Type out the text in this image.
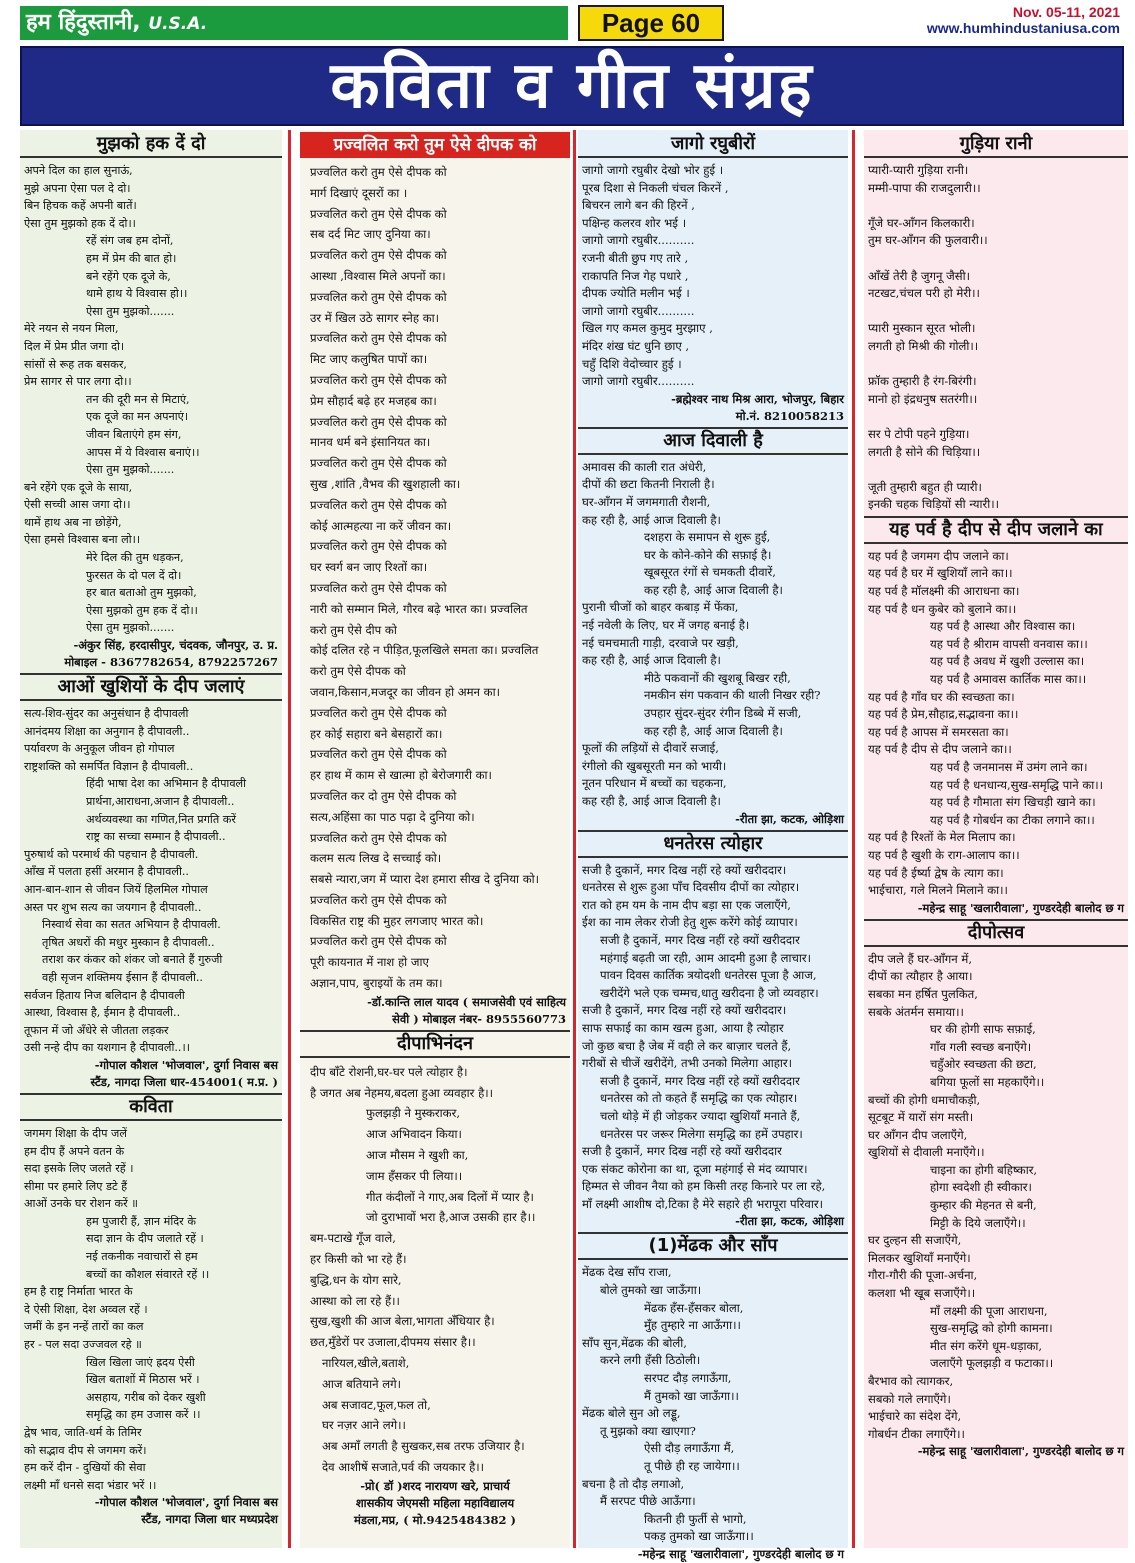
हम हिंदुस्तानी, U.S.A.	Page 60	Nov. 05-11, 2021
www.humhindustaniusa.com
कविता व गीत संग्रह
मुझको हक दें दो
अपने दिल का हाल सुनाऊं,
मुझे अपना ऐसा पल दे दो।
बिन हिचक कहें अपनी बातें।
ऐसा तुम मुझको हक दें दो।।
रहें संग जब हम दोनों,
हम में प्रेम की बात हो।
बने रहेंगे एक दूजे के,
थामे हाथ ये विश्वास हो।।
ऐसा तुम मुझको.......
मेरे नयन से नयन मिला,
दिल में प्रेम प्रीत जगा दो।
सांसों से रूह तक बसकर,
प्रेम सागर से पार लगा दो।।
तन की दूरी मन से मिटाएं,
एक दूजे का मन अपनाएं।
जीवन बिताएंगे हम संग,
आपस में ये विश्वास बनाएं।।
ऐसा तुम मुझको.......
बने रहेंगे एक दूजे के साया,
ऐसी सच्ची आस जगा दो।।
थामें हाथ अब ना छोड़ेंगे,
ऐसा हमसे विश्वास बना लो।।
मेरे दिल की तुम धड़कन,
फुरसत के दो पल दें दो।
हर बात बताओ तुम मुझको,
ऐसा मुझको तुम हक दें दो।।
ऐसा तुम मुझको.......
-अंकुर सिंह, हरदासीपुर, चंदवक, जौनपुर, उ. प्र.
मोबाइल - 8367782654, 8792257267
आओं खुशियों के दीप जलाएं
सत्य-शिव-सुंदर का अनुसंधान है दीपावली
आनंदमय शिक्षा का अनुगान है दीपावली..
पर्यावरण के अनुकूल जीवन हो गोपाल
राष्ट्रशक्ति को समर्पित विज्ञान है दीपावली..
हिंदी भाषा देश का अभिमान है दीपावली
प्रार्थना,आराधना,अजान है दीपावली..
अर्थव्यवस्था का गणित,नित प्रगति करें
राष्ट्र का सच्चा सम्मान है दीपावली..
पुरुषार्थ को परमार्थ की पहचान है दीपावली.
आँख में पलता हसीं अरमान है दीपावली..
आन-बान-शान से जीवन जियें हिलमिल गोपाल
अस्त पर शुभ सत्य का जयगान है दीपावली..
निस्वार्थ सेवा का सतत अभियान है दीपावली.
तृषित अधरों की मधुर मुस्कान है दीपावली..
तराश कर कंकर को शंकर जो बनाते हैं गुरुजी
वही सृजन शक्तिमय ईसान हैं दीपावली..
सर्वजन हिताय निज बलिदान है दीपावली
आस्था, विश्वास है, ईमान है दीपावली..
तूफान में जो अँधेरे से जीतता लड़कर
उसी नन्हे दीप का यशगान है दीपावली..।।
-गोपाल कौशल 'भोजवाल', दुर्गा निवास बस
स्टैंड, नागदा जिला धार-454001( म.प्र. )
कविता
जगमग शिक्षा के दीप जलें
हम दीप हैं अपने वतन के
सदा इसके लिए जलते रहें ।
सीमा पर हमारे लिए डटे हैं
आओं उनके घर रोशन करें ॥
हम पुजारी हैं, ज्ञान मंदिर के
सदा ज्ञान के दीप जलाते रहें ।
नई तकनीक नवाचारों से हम
बच्चों का कौशल संवारते रहें ।।
हम है राष्ट्र निर्माता भारत के
दे ऐसी शिक्षा, देश अव्वल रहें ।
जमीं के इन नन्हें तारों का कल
हर - पल सदा उज्जवल रहे ॥
खिल खिला जाएं ह्रदय ऐसी
खिल बताशों में मिठास भरें ।
असहाय, गरीब को देकर खुशी
समृद्धि का हम उजास करें ।।
द्वेष भाव, जाति-धर्म के तिमिर
को सद्भाव दीप से जगमग करें।
हम करें दीन - दुखियों की सेवा
लक्ष्मी माँ धनसे सदा भंडार भरें ।।
-गोपाल कौशल 'भोजवाल', दुर्गा निवास बस
स्टैंड, नागदा जिला धार मध्यप्रदेश
प्रज्वलित करो तुम ऐसे दीपक को
प्रज्वलित करो तुम ऐसे दीपक को
मार्ग दिखाएं दूसरों का ।
प्रज्वलित करो तुम ऐसे दीपक को
सब दर्द मिट जाए दुनिया का।
प्रज्वलित करो तुम ऐसे दीपक को
आस्था ,विश्वास मिले अपनों का।
प्रज्वलित करो तुम ऐसे दीपक को
उर में खिल उठे सागर स्नेह का।
प्रज्वलित करो तुम ऐसे दीपक को
मिट जाए कलुषित पापों का।
प्रज्वलित करो तुम ऐसे दीपक को
प्रेम सौहार्द बढ़े हर मजहब का।
प्रज्वलित करो तुम ऐसे दीपक को
मानव धर्म बने इंसानियत का।
प्रज्वलित करो तुम ऐसे दीपक को
सुख ,शांति ,वैभव की खुशहाली का।
प्रज्वलित करो तुम ऐसे दीपक को
कोई आत्महत्या ना करें जीवन का।
प्रज्वलित करो तुम ऐसे दीपक को
घर स्वर्ग बन जाए रिश्तों का।
प्रज्वलित करो तुम ऐसे दीपक को
नारी को सम्मान मिले, गौरव बढ़े भारत का। प्रज्वलित
करो तुम ऐसे दीप को
कोई दलित रहे न पीड़ित,फूलखिले समता का। प्रज्वलित
करो तुम ऐसे दीपक को
जवान,किसान,मजदूर का जीवन हो अमन का।
प्रज्वलित करो तुम ऐसे दीपक को
हर कोई सहारा बने बेसहारों का।
प्रज्वलित करो तुम ऐसे दीपक को
हर हाथ में काम से खात्मा हो बेरोजगारी का।
प्रज्वलित कर दो तुम ऐसे दीपक को
सत्य,अहिंसा का पाठ पढ़ा दे दुनिया को।
प्रज्वलित करो तुम ऐसे दीपक को
कलम सत्य लिख दे सच्चाई को।
सबसे न्यारा,जग में प्यारा देश हमारा सीख दे दुनिया को।
प्रज्वलित करो तुम ऐसे दीपक को
विकसित राष्ट्र की मुहर लगजाए भारत को।
प्रज्वलित करो तुम ऐसे दीपक को
पूरी कायनात में नाश हो जाए
अज्ञान,पाप, बुराइयों के तम का।
-डॉ.कान्ति लाल यादव ( समाजसेवी एवं साहित्य
सेवी ) मोबाइल नंबर- 8955560773
दीपाभिनंदन
दीप बाँटे रोशनी,घर-घर पले त्योहार है।
है जगत अब नेहमय,बदला हुआ व्यवहार है।।
फुलझड़ी ने मुस्कराकर,
आज अभिवादन किया।
आज मौसम ने खुशी का,
जाम हँसकर पी लिया।।
गीत कंदीलों ने गाए,अब दिलों में प्यार है।
जो दुराभावों भरा है,आज उसकी हार है।।
बम-पटाखे गूँज वाले,
हर किसी को भा रहे हैं।
बुद्धि,धन के योग सारे,
आस्था को ला रहे हैं।।
सुख,खुशी की आज बेला,भागता अँधियार है।
छत,मुँडेरों पर उजाला,दीपमय संसार है।।
नारियल,खीले,बताशे,
आज बतियाने लगे।
अब सजावट,फूल,फल तो,
घर नज़र आने लगे।।
अब अमाँ लगती है सुखकर,सब तरफ उजियार है।
देव आशीषें सजाते,पर्व की जयकार है।।
-प्रो( डॉ )शरद नारायण खरे, प्राचार्य
शासकीय जेएमसी महिला महाविद्यालय
मंडला,मप्र, ( मो.9425484382 )
जागो रघुबीरों
जागो जागो रघुबीर देखो भोर हुई ।
पूरब दिशा से निकली चंचल किरनें ,
बिचरन लागे बन की हिरनें ,
पक्षिन्ह कलरव शोर भई ।
जागो जागो रघुबीर..........
रजनी बीती छुप गए तारे ,
राकापति निज गेह पधारे ,
दीपक ज्योति मलीन भई ।
जागो जागो रघुबीर..........
खिल गए कमल कुमुद मुरझाए ,
मंदिर शंख घंट धुनि छाए ,
चहुँ दिशि वेदोच्चार हुई ।
जागो जागो रघुबीर..........
-ब्रह्मेश्वर नाथ मिश्र आरा, भोजपुर, बिहार
मो.नं. 8210058213
आज दिवाली है
अमावस की काली रात अंधेरी,
दीपों की छटा कितनी निराली है।
घर-आँगन में जगमगाती रौशनी,
कह रही है, आई आज दिवाली है।
दशहरा के समापन से शुरू हुई,
घर के कोने-कोने की सफ़ाई है।
खूबसूरत रंगों से चमकती दीवारें,
कह रही है, आई आज दिवाली है।
पुरानी चीजों को बाहर कबाड़ में फेंका,
नई नवेली के लिए, घर में जगह बनाई है।
नई चमचमाती गाड़ी, दरवाजे पर खड़ी,
कह रही है, आई आज दिवाली है।
मीठे पकवानों की खुशबू बिखर रही,
नमकीन संग पकवान की थाली निखर रही?
उपहार सुंदर-सुंदर रंगीन डिब्बे में सजी,
कह रही है, आई आज दिवाली है।
फूलों की लड़ियों से दीवारें सजाई,
रंगीलो की खुबसूरती मन को भायी।
नूतन परिधान में बच्चों का चहकना,
कह रही है, आई आज दिवाली है।
-रीता झा, कटक, ओड़िशा
धनतेरस त्योहार
सजी है दुकानें, मगर दिख नहीं रहे क्यों खरीददार।
धनतेरस से शुरू हुआ पाँच दिवसीय दीपों का त्योहार।
रात को हम यम के नाम दीप बड़ा सा एक जलाएँगे,
ईश का नाम लेकर रोजी हेतु शुरू करेंगे कोई व्यापार।
सजी है दुकानें, मगर दिख नहीं रहे क्यों खरीददार
महंगाई बढ़ती जा रही, आम आदमी हुआ है लाचार।
पावन दिवस कार्तिक त्रयोदशी धनतेरस पूजा है आज,
खरीदेंगे भले एक चम्मच,धातु खरीदना है जो व्यवहार।
सजी है दुकानें, मगर दिख नहीं रहे क्यों खरीददार।
साफ सफाई का काम खत्म हुआ, आया है त्योहार
जो कुछ बचा है जेब में वही ले कर बाज़ार चलते हैं,
गरीबों से चीजें खरीदेंगे, तभी उनको मिलेगा आहार।
सजी है दुकानें, मगर दिख नहीं रहे क्यों खरीददार
धनतेरस को तो कहते हैं समृद्धि का एक त्योहार।
चलो थोड़े में ही जोड़कर ज्यादा खुशियाँ मनाते हैं,
धनतेरस पर जरूर मिलेगा समृद्धि का हमें उपहार।
सजी है दुकानें, मगर दिख नहीं रहे क्यों खरीददार
एक संकट कोरोना का था, दूजा महंगाई से मंद व्यापार।
हिम्मत से जीवन नैया को हम किसी तरह किनारे पर ला रहे,
माँ लक्ष्मी आशीष दो,टिका है मेरे सहारे ही भरापूरा परिवार।
-रीता झा, कटक, ओड़िशा
(1)मेंढक और साँप
मेंढक देख साँप राजा,
बोले तुमको खा जाऊँगा।
मेंढक हँस-हँसकर बोला,
मुँह तुम्हारे ना आऊँगा।।
साँप सुन,मेंढक की बोली,
करने लगी हँसी ठिठोली।
सरपट दौड़ लगाऊँगा,
मैं तुमको खा जाऊँगा।।
मेंढक बोले सुन ओ लड्डू,
तू मुझको क्या खाएगा?
ऐसी दौड़ लगाऊँगा मैं,
तू पीछे ही रह जायेगा।।
बचना है तो दौड़ लगाओ,
मैं सरपट पीछे आऊँगा।
कितनी ही फुर्ती से भागो,
पकड़ तुमको खा जाऊँगा।।
-महेन्द्र साहू 'खलारीवाला', गुण्डरदेही बालोद छ ग
गुड़िया रानी
प्यारी-प्यारी गुड़िया रानी।
मम्मी-पापा की राजदुलारी।।

गूँजे घर-आँगन किलकारी।
तुम घर-आँगन की फुलवारी।।

आँखें तेरी है जुगनू जैसी।
नटखट,चंचल परी हो मेरी।।

प्यारी मुस्कान सूरत भोली।
लगती हो मिश्री की गोली।।

फ्रॉक तुम्हारी है रंग-बिरंगी।
मानो हो इंद्रधनुष सतरंगी।।

सर पे टोपी पहने गुड़िया।
लगती है सोने की चिड़िया।।

जूती तुम्हारी बहुत ही प्यारी।
इनकी चहक चिड़ियों सी न्यारी।।
यह पर्व है दीप से दीप जलाने का
यह पर्व है जगमग दीप जलाने का।
यह पर्व है घर में खुशियाँ लाने का।।
यह पर्व है मॉलक्ष्मी की आराधना का।
यह पर्व है धन कुबेर को बुलाने का।।
यह पर्व है आस्था और विश्वास का।
यह पर्व है श्रीराम वापसी वनवास का।।
यह पर्व है अवध में खुशी उल्लास का।
यह पर्व है अमावस कार्तिक मास का।।
यह पर्व है गाँव घर की स्वच्छता का।
यह पर्व है प्रेम,सौहाद्र,सद्भावना का।।
यह पर्व है आपस में समरसता का।
यह पर्व है दीप से दीप जलाने का।।
यह पर्व है जनमानस में उमंग लाने का।
यह पर्व है धनधान्य,सुख-समृद्धि पाने का।।
यह पर्व है गौमाता संग खिचड़ी खाने का।
यह पर्व है गोबर्धन का टीका लगाने का।।
यह पर्व है रिश्तों के मेल मिलाप का।
यह पर्व है खुशी के राग-आलाप का।।
यह पर्व है ईर्ष्या द्वेष के त्याग का।
भाईचारा, गले मिलने मिलाने का।।
-महेन्द्र साहू 'खलारीवाला', गुण्डरदेही बालोद छ ग
दीपोत्सव
दीप जले हैं घर-आँगन में,
दीपों का त्यौहार है आया।
सबका मन हर्षित पुलकित,
सबके अंतर्मन समाया।।
घर की होगी साफ सफ़ाई,
गाँव गली स्वच्छ बनाएँगे।
चहुँओर स्वच्छता की छटा,
बगिया फूलों सा महकाएँगे।।
बच्चों की होगी धमाचौकड़ी,
सूटबूट में यारों संग मस्ती।
घर आँगन दीप जलाएँगे,
खुशियों से दीवाली मनाएँगे।।
चाइना का होगी बहिष्कार,
होगा स्वदेशी ही स्वीकार।
कुम्हार की मेहनत से बनी,
मिट्टी के दिये जलाएँगे।।
घर दुल्हन सी सजाएँगे,
मिलकर खुशियाँ मनाएँगे।
गौरा-गौरी की पूजा-अर्चना,
कलशा भी खूब सजाएँगे।।
माँ लक्ष्मी की पूजा आराधना,
सुख-समृद्धि को होगी कामना।
मीत संग करेंगे धूम-धड़ाका,
जलाएँगे फूलझड़ी व फटाका।।
बैरभाव को त्यागकर,
सबको गले लगाएँगे।
भाईचारे का संदेश देंगे,
गोबर्धन टीका लगाएँगे।।
-महेन्द्र साहू 'खलारीवाला', गुण्डरदेही बालोद छ ग
